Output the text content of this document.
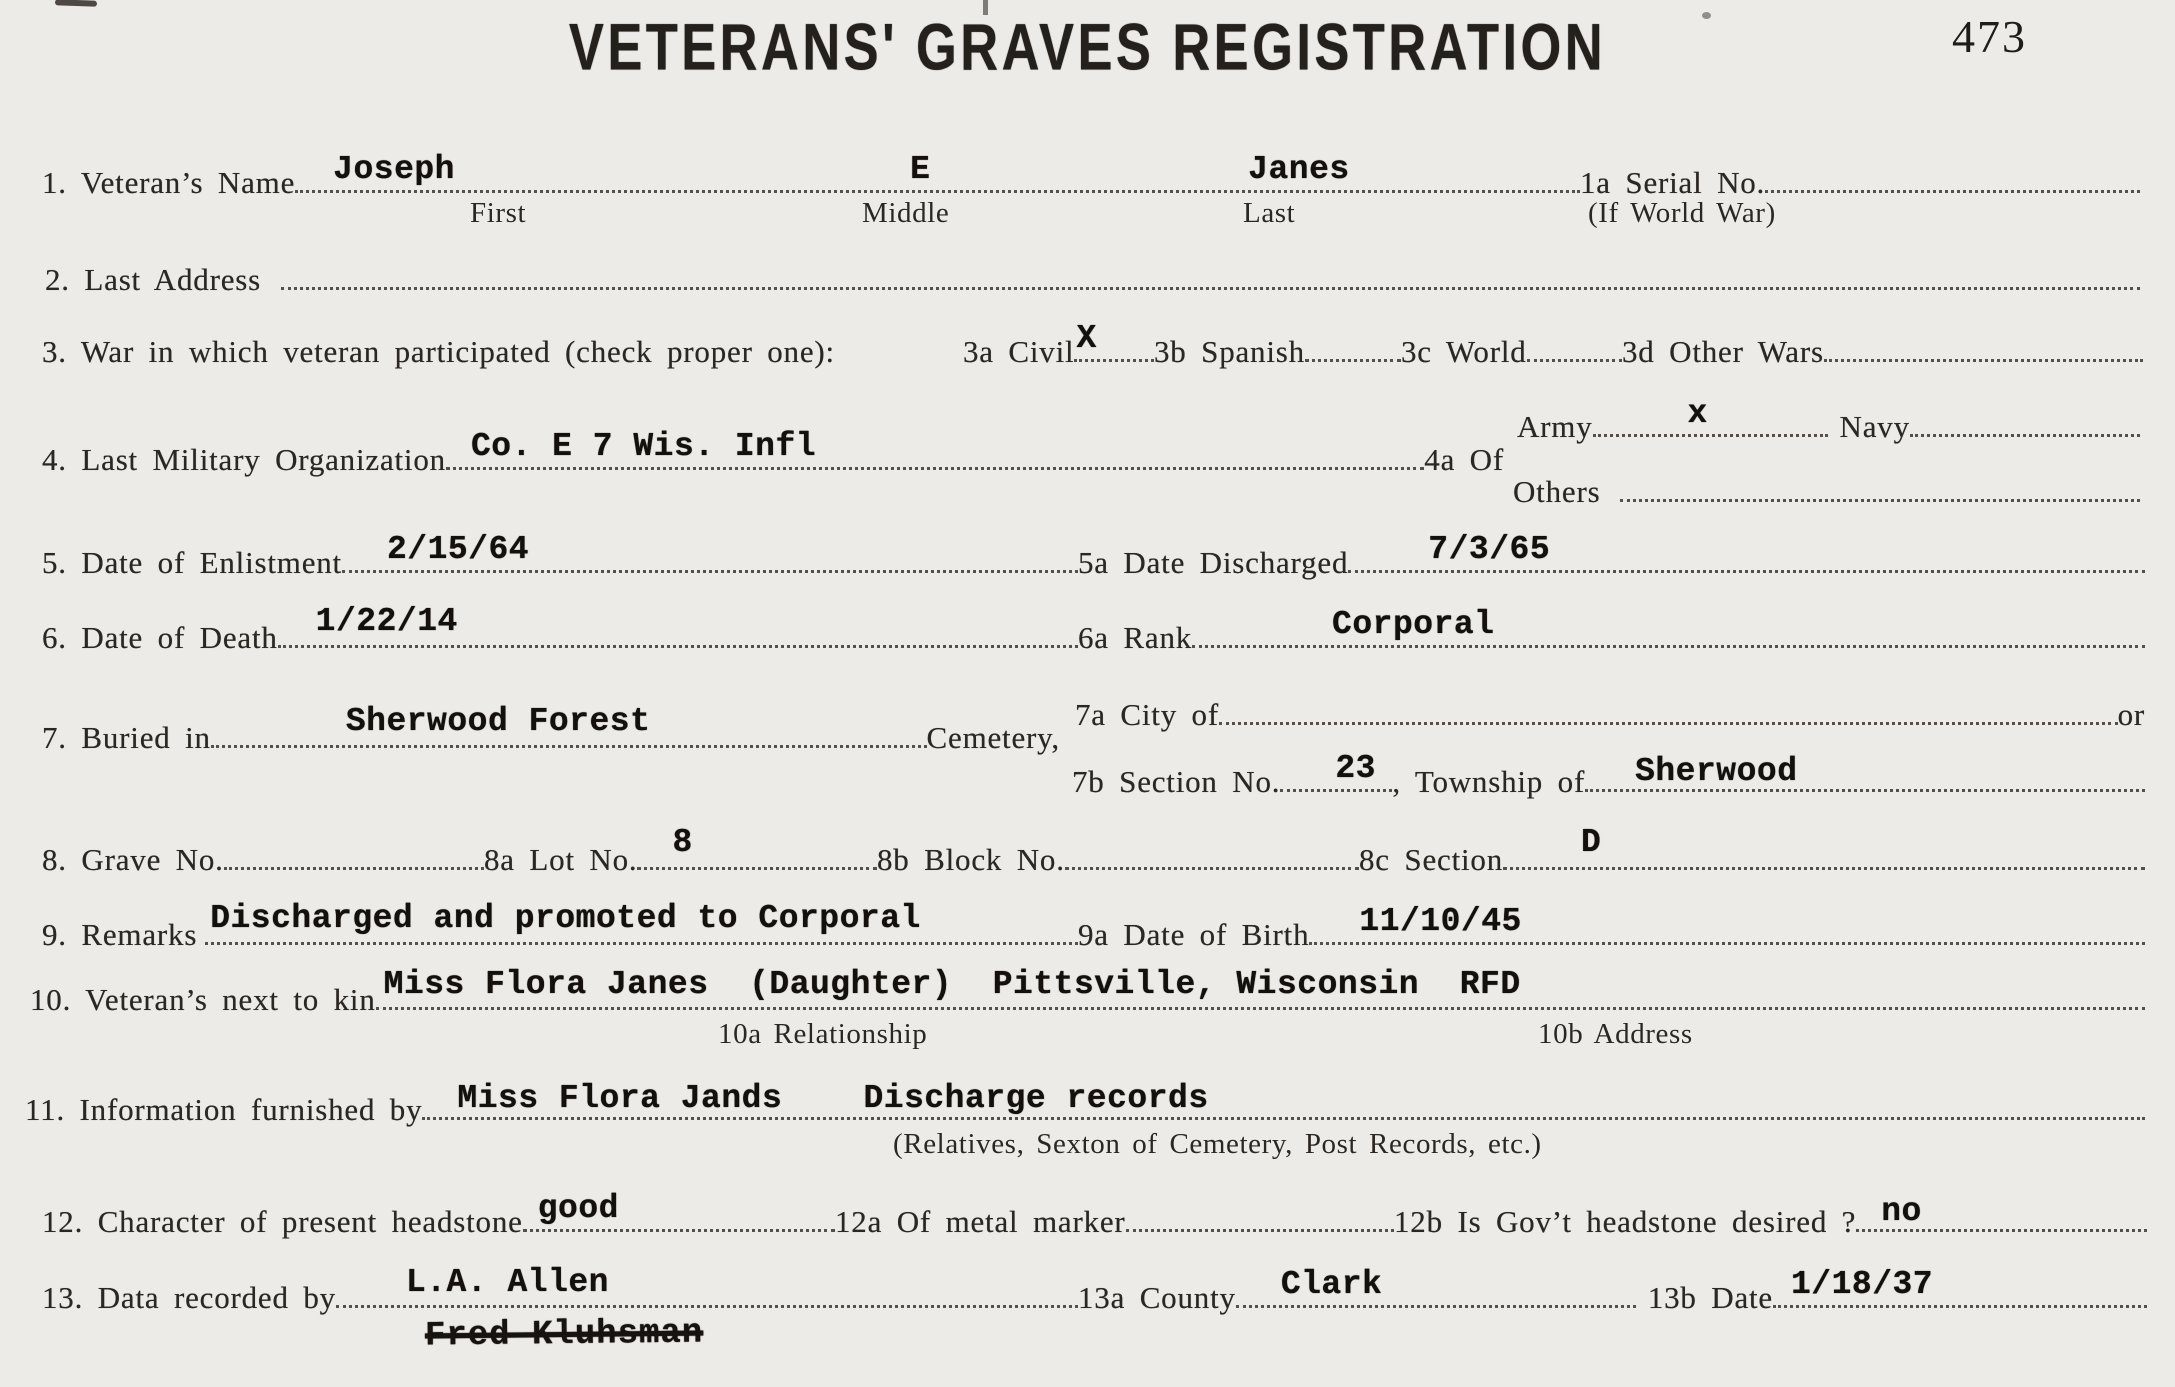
VETERANS' GRAVES REGISTRATION	473
1. Veteran’s Name Joseph	E	Janes	1a Serial No.
First	Middle	Last	(If World War)
2. Last Address
3. War in which veteran participated (check proper one):	3a Civil X 3b Spanish	3c World	3d Other Wars
Army	x	Navy
4. Last Military Organization Co. E 7 Wis. Infl	4a Of
Others
5. Date of Enlistment 2/15/64	5a Date Discharged 7/3/65
6. Date of Death 1/22/14	6a Rank	Corporal
7a City of	or
7. Buried in	Sherwood Forest	Cemetery,
7b Section No. 23 , Township of Sherwood
8. Grave No.	8a Lot No. 8	8b Block No.	8c Section D
9. Remarks Discharged and promoted to Corporal	9a Date of Birth 11/10/45
10. Veteran’s next to kin Miss Flora Janes  (Daughter)  Pittsville, Wisconsin  RFD
10a Relationship	10b Address
11. Information furnished by Miss Flora Jands    Discharge records
(Relatives, Sexton of Cemetery, Post Records, etc.)
12. Character of present headstone good	12a Of metal marker	12b Is Gov’t headstone desired ? no
13. Data recorded by L.A. Allen	13a County Clark	13b Date 1/18/37
Fred Kluhsman
